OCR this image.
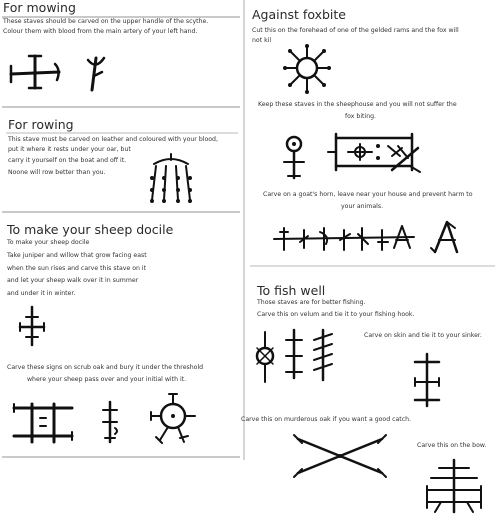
For mowing
These staves should be carved on the upper handle of the scythe.
Colour them with blood from the main artery of your left hand.
For rowing
This stave must be carved on leather and coloured with your blood,
put it where it rests under your oar, but
carry it yourself on the boat and off it.
Noone will row better than you.
To make your sheep docile
To make your sheep docile
Take juniper and willow that grow facing east
when the sun rises and carve this stave on it
and let your sheep walk over it in summer
and under it in winter.
Carve these signs on scrub oak and bury it under the threshold
where your sheep pass over and your initial with it.
Against foxbite
Cut this on the forehead of one of the gelded rams and the fox will
not kil
Keep these staves in the sheephouse and you will not suffer the
fox biting.
Carve on a goat's horn, leave near your house and prevent harm to
your animals.
To fish well
Those staves are for better fishing.
Carve this on velum and tie it to your fishing hook.
Carve on skin and tie it to your sinker.
Carve this on murderous oak if you want a good catch.
Carve this on the bow.
